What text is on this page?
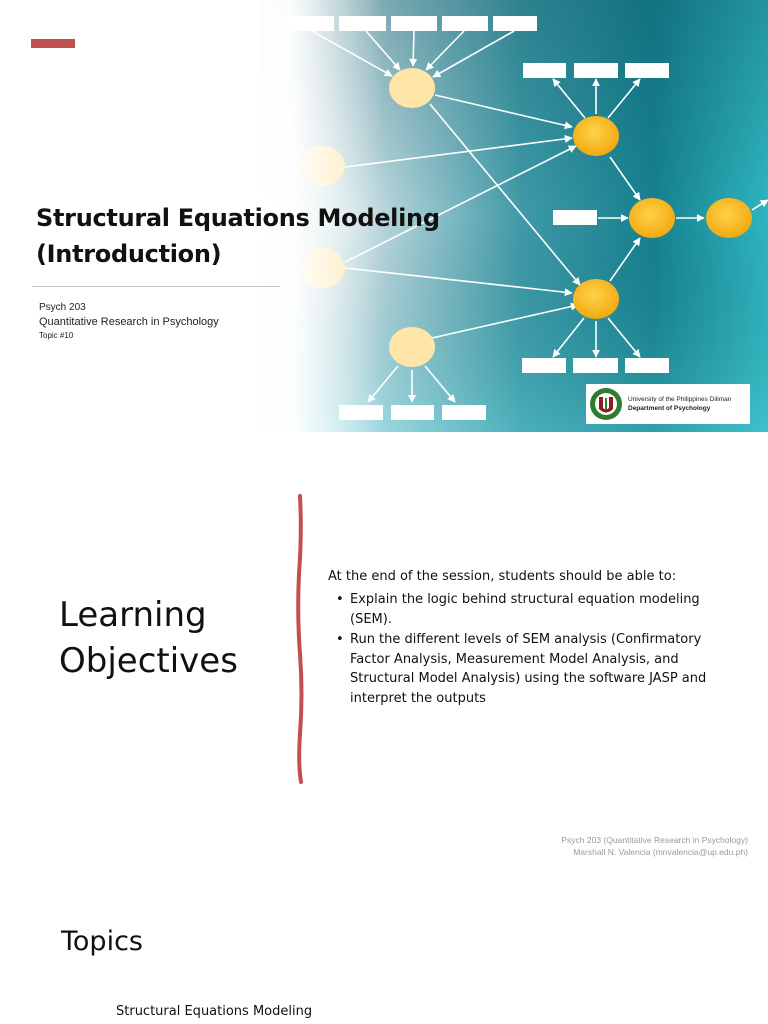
Structural Equations Modeling
(Introduction)
Psych 203
Quantitative Research in Psychology
Topic #10
University of the Philippines Diliman
Department of Psychology
Learning
Objectives

At the end of the session, students should be able to:

• Explain the logic behind structural equation modeling (SEM).
• Run the different levels of SEM analysis (Confirmatory Factor Analysis, Measurement Model Analysis, and Structural Model Analysis) using the software JASP and interpret the outputs
Psych 203 (Quantitative Research in Psychology)
Marshall N. Valencia (mnvalencia@up.edu.ph)
Topics
Structural Equations Modeling
